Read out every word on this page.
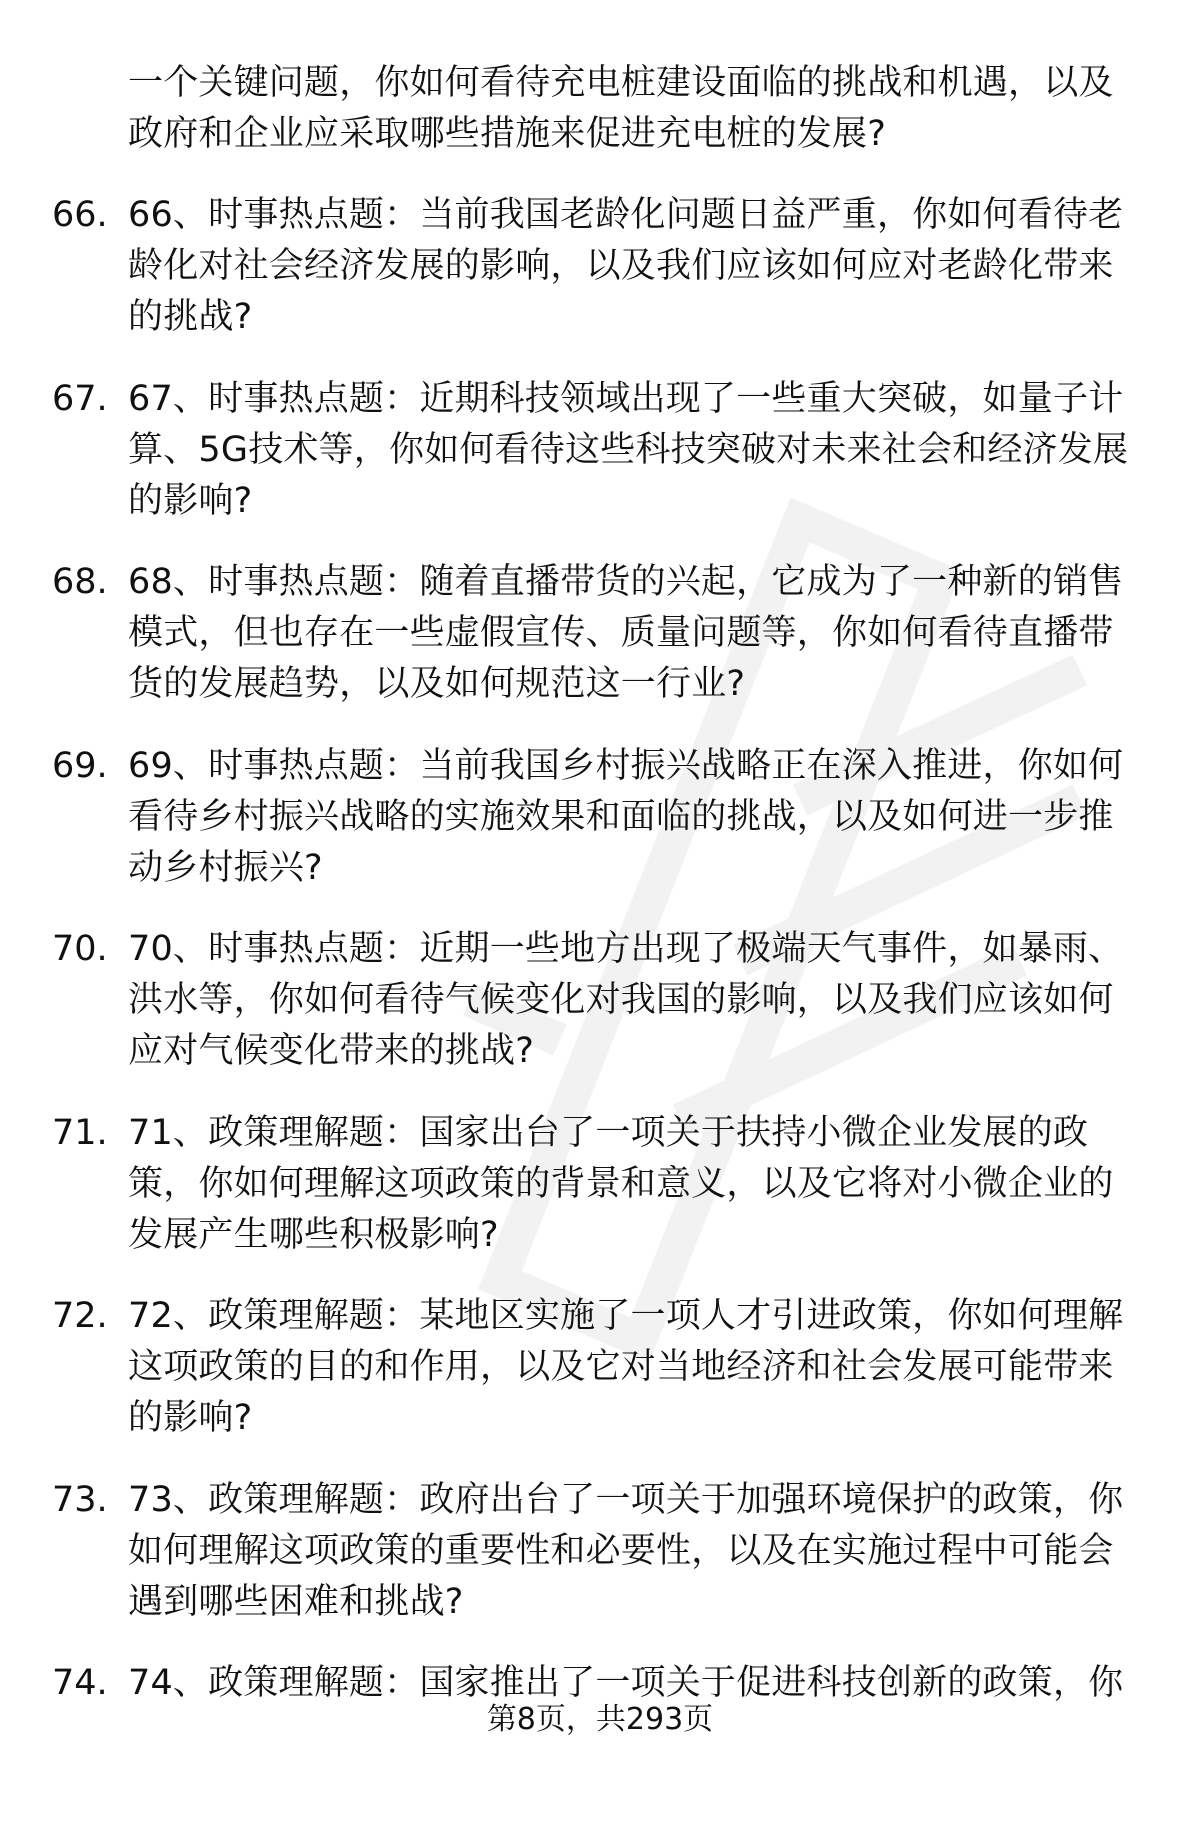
一个关键问题，你如何看待充电桩建设面临的挑战和机遇，以及
政府和企业应采取哪些措施来促进充电桩的发展?
66. 66、时事热点题：当前我国老龄化问题日益严重，你如何看待老
龄化对社会经济发展的影响，以及我们应该如何应对老龄化带来
的挑战?
67. 67、时事热点题：近期科技领域出现了一些重大突破，如量子计
算、5G技术等，你如何看待这些科技突破对未来社会和经济发展
的影响?
68. 68、时事热点题：随着直播带货的兴起，它成为了一种新的销售
模式，但也存在一些虚假宣传、质量问题等，你如何看待直播带
货的发展趋势，以及如何规范这一行业?
69. 69、时事热点题：当前我国乡村振兴战略正在深入推进，你如何
看待乡村振兴战略的实施效果和面临的挑战，以及如何进一步推
动乡村振兴?
70. 70、时事热点题：近期一些地方出现了极端天气事件，如暴雨、
洪水等，你如何看待气候变化对我国的影响，以及我们应该如何
应对气候变化带来的挑战?
71. 71、政策理解题：国家出台了一项关于扶持小微企业发展的政
策，你如何理解这项政策的背景和意义，以及它将对小微企业的
发展产生哪些积极影响?
72. 72、政策理解题：某地区实施了一项人才引进政策，你如何理解
这项政策的目的和作用，以及它对当地经济和社会发展可能带来
的影响?
73. 73、政策理解题：政府出台了一项关于加强环境保护的政策，你
如何理解这项政策的重要性和必要性，以及在实施过程中可能会
遇到哪些困难和挑战?
74. 74、政策理解题：国家推出了一项关于促进科技创新的政策，你
第8页，共293页
